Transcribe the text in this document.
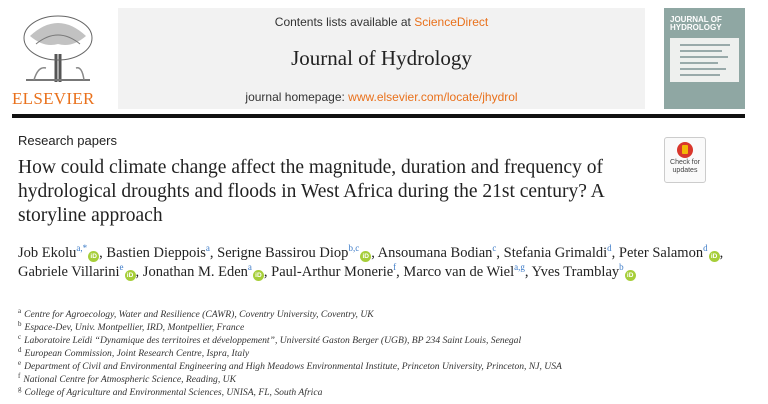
ELSEVIER
Contents lists available at ScienceDirect
Journal of Hydrology
journal homepage: www.elsevier.com/locate/jhydrol
JOURNAL OF
HYDROLOGY
Research papers
How could climate change affect the magnitude, duration and frequency of hydrological droughts and floods in West Africa during the 21st century? A storyline approach
Check for updates
Job Ekolu$^{a,*}$iD , Bastien Dieppois$^a$, Serigne Bassirou Diop$^{b,c}$iD , Ansoumana Bodian$^c$, Stefania Grimaldi$^d$, Peter Salamon$^d$iD , Gabriele Villarini$^e$iD , Jonathan M. Eden$^a$iD , Paul-Arthur Monerie$^f$, Marco van de Wiel$^{a,g}$, Yves Tramblay$^b$iD
$^a$ Centre for Agroecology, Water and Resilience (CAWR), Coventry University, Coventry, UK
$^b$ Espace-Dev, Univ. Montpellier, IRD, Montpellier, France
$^c$ Laboratoire Leïdi “Dynamique des territoires et développement”, Université Gaston Berger (UGB), BP 234 Saint Louis, Senegal
$^d$ European Commission, Joint Research Centre, Ispra, Italy
$^e$ Department of Civil and Environmental Engineering and High Meadows Environmental Institute, Princeton University, Princeton, NJ, USA
$^f$ National Centre for Atmospheric Science, Reading, UK
$^g$ College of Agriculture and Environmental Sciences, UNISA, FL, South Africa
